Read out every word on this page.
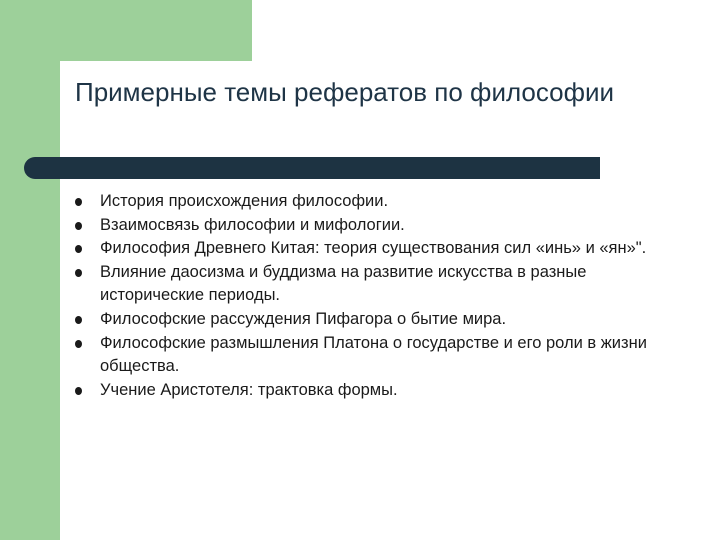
Примерные темы рефератов по философии
История происхождения философии.
Взаимосвязь философии и мифологии.
Философия Древнего Китая: теория существования сил «инь» и «ян»".
Влияние даосизма и буддизма на развитие искусства в разные исторические периоды.
Философские рассуждения Пифагора о бытие мира.
Философские размышления Платона о государстве и его роли в жизни общества.
Учение Аристотеля: трактовка формы.
